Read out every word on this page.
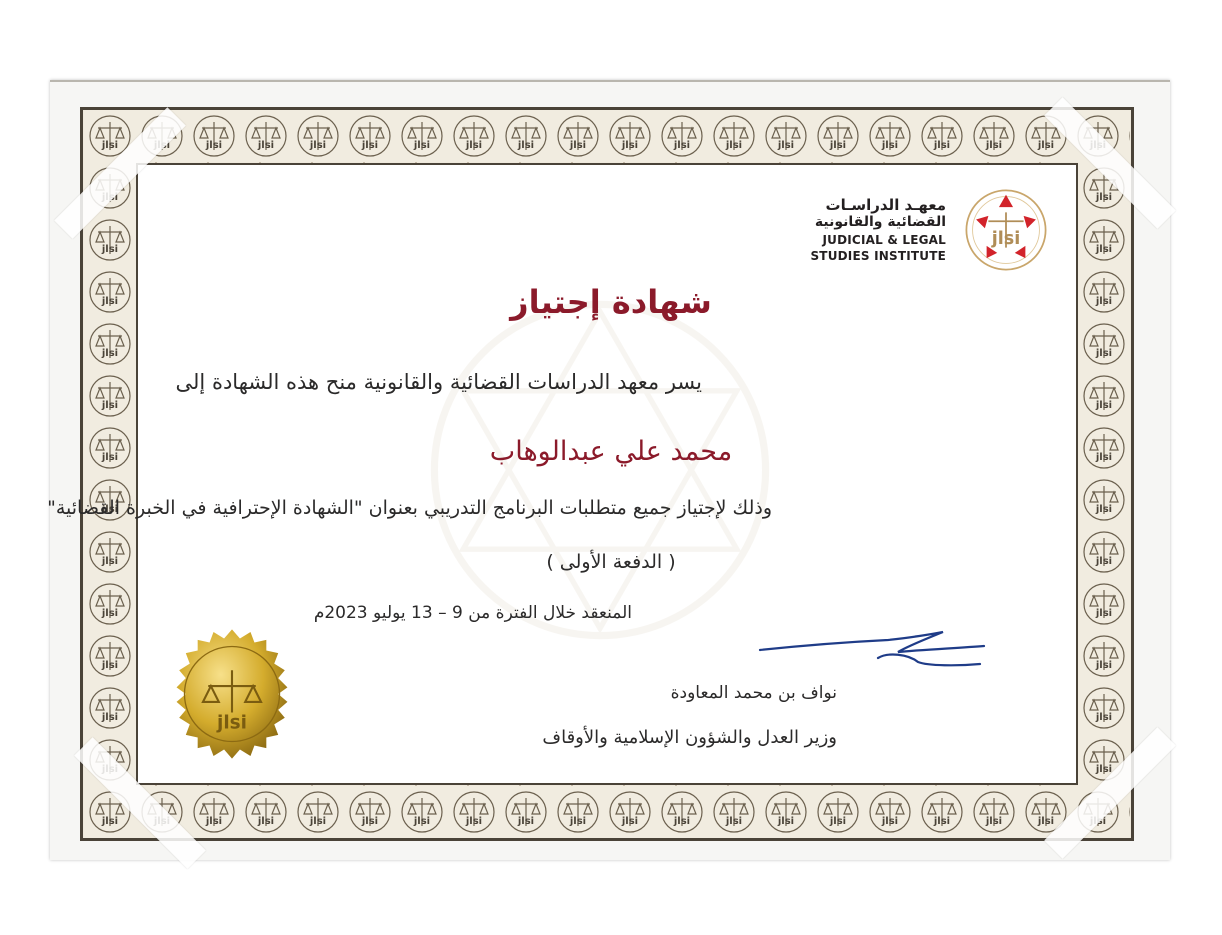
معهـد الدراسـات
القضائية والقانونية
JUDICIAL & LEGAL
STUDIES INSTITUTE
jlsi
شهادة إجتياز
يسر معهد الدراسات القضائية والقانونية منح هذه الشهادة إلى
محمد علي عبدالوهاب
وذلك لإجتياز جميع متطلبات البرنامج التدريبي بعنوان "الشهادة الإحترافية في الخبرة القضائية"
( الدفعة الأولى )
المنعقد خلال الفترة من 9 – 13 يوليو 2023م
نواف بن محمد المعاودة
وزير العدل والشؤون الإسلامية والأوقاف
jlsi
